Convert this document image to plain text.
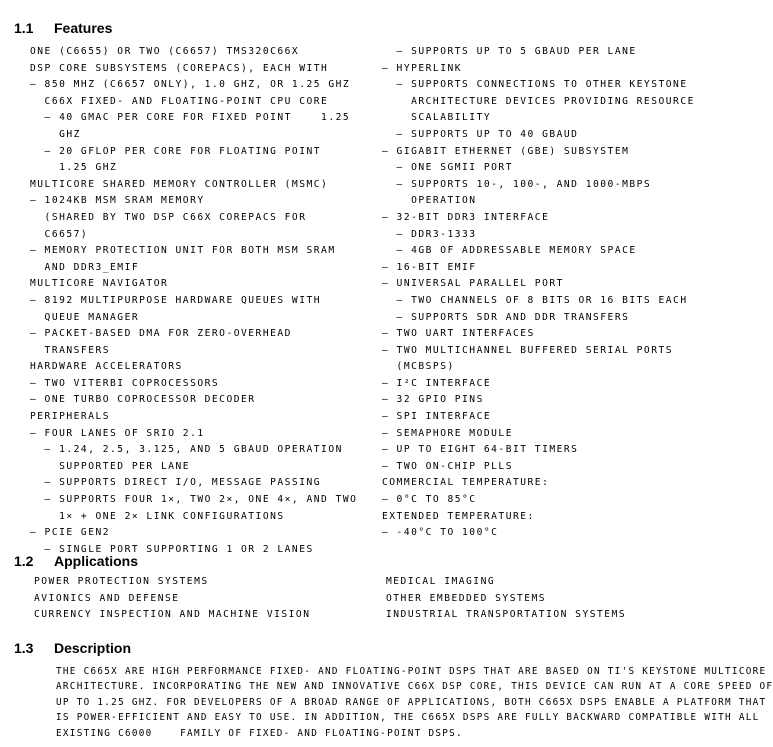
1.1 Features
ONE (C6655) OR TWO (C6657) TMS320C66X
DSP CORE SUBSYSTEMS (COREPACS), EACH WITH
– 850 MHZ (C6657 ONLY), 1.0 GHZ, OR 1.25 GHZ
C66X FIXED- AND FLOATING-POINT CPU CORE
– 40 GMAC PER CORE FOR FIXED POINT    1.25
GHZ
– 20 GFLOP PER CORE FOR FLOATING POINT
1.25 GHZ
MULTICORE SHARED MEMORY CONTROLLER (MSMC)
– 1024KB MSM SRAM MEMORY
(SHARED BY TWO DSP C66X COREPACS FOR
C6657)
– MEMORY PROTECTION UNIT FOR BOTH MSM SRAM
AND DDR3_EMIF
MULTICORE NAVIGATOR
– 8192 MULTIPURPOSE HARDWARE QUEUES WITH
QUEUE MANAGER
– PACKET-BASED DMA FOR ZERO-OVERHEAD
TRANSFERS
HARDWARE ACCELERATORS
– TWO VITERBI COPROCESSORS
– ONE TURBO COPROCESSOR DECODER
PERIPHERALS
– FOUR LANES OF SRIO 2.1
– 1.24, 2.5, 3.125, AND 5 GBAUD OPERATION
SUPPORTED PER LANE
– SUPPORTS DIRECT I/O, MESSAGE PASSING
– SUPPORTS FOUR 1×, TWO 2×, ONE 4×, AND TWO
1× + ONE 2× LINK CONFIGURATIONS
– PCIE GEN2
– SINGLE PORT SUPPORTING 1 OR 2 LANES
– SUPPORTS UP TO 5 GBAUD PER LANE
– HYPERLINK
– SUPPORTS CONNECTIONS TO OTHER KEYSTONE
ARCHITECTURE DEVICES PROVIDING RESOURCE
SCALABILITY
– SUPPORTS UP TO 40 GBAUD
– GIGABIT ETHERNET (GBE) SUBSYSTEM
– ONE SGMII PORT
– SUPPORTS 10-, 100-, AND 1000-MBPS
OPERATION
– 32-BIT DDR3 INTERFACE
– DDR3-1333
– 4GB OF ADDRESSABLE MEMORY SPACE
– 16-BIT EMIF
– UNIVERSAL PARALLEL PORT
– TWO CHANNELS OF 8 BITS OR 16 BITS EACH
– SUPPORTS SDR AND DDR TRANSFERS
– TWO UART INTERFACES
– TWO MULTICHANNEL BUFFERED SERIAL PORTS
(MCBSPS)
– I²C INTERFACE
– 32 GPIO PINS
– SPI INTERFACE
– SEMAPHORE MODULE
– UP TO EIGHT 64-BIT TIMERS
– TWO ON-CHIP PLLS
COMMERCIAL TEMPERATURE:
– 0°C TO 85°C
EXTENDED TEMPERATURE:
– -40°C TO 100°C
1.2 Applications
POWER PROTECTION SYSTEMS
AVIONICS AND DEFENSE
CURRENCY INSPECTION AND MACHINE VISION
MEDICAL IMAGING
OTHER EMBEDDED SYSTEMS
INDUSTRIAL TRANSPORTATION SYSTEMS
1.3 Description
THE C665X ARE HIGH PERFORMANCE FIXED- AND FLOATING-POINT DSPS THAT ARE BASED ON TI'S KEYSTONE MULTICORE
ARCHITECTURE. INCORPORATING THE NEW AND INNOVATIVE C66X DSP CORE, THIS DEVICE CAN RUN AT A CORE SPEED OF
UP TO 1.25 GHZ. FOR DEVELOPERS OF A BROAD RANGE OF APPLICATIONS, BOTH C665X DSPS ENABLE A PLATFORM THAT
IS POWER-EFFICIENT AND EASY TO USE. IN ADDITION, THE C665X DSPS ARE FULLY BACKWARD COMPATIBLE WITH ALL
EXISTING C6000    FAMILY OF FIXED- AND FLOATING-POINT DSPS.
